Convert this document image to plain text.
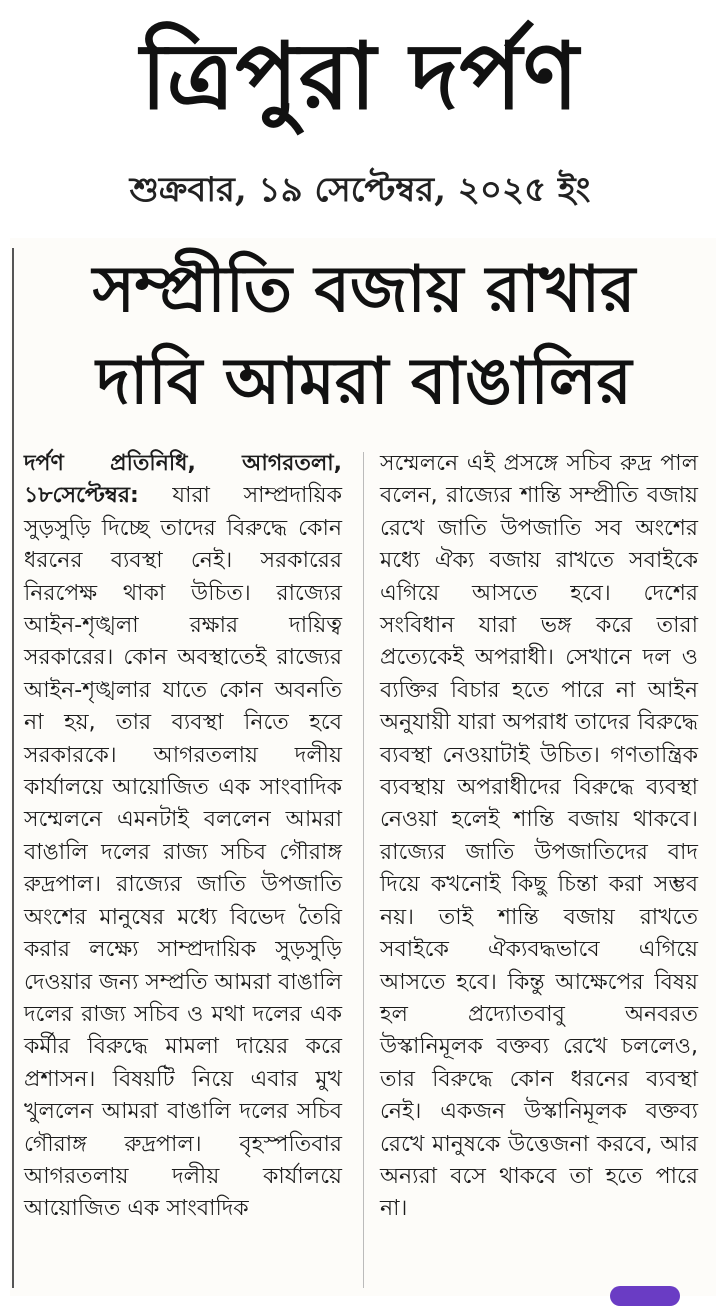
ত্রিপুরা দর্পণ
শুক্রবার, ১৯ সেপ্টেম্বর, ২০২৫ ইং
সম্প্রীতি বজায় রাখার
দাবি আমরা বাঙালির

দর্পণ প্রতিনিধি, আগরতলা, ১৮সেপ্টেম্বর: যারা সাম্প্রদায়িক সুড়সুড়ি দিচ্ছে তাদের বিরুদ্ধে কোন ধরনের ব্যবস্থা নেই। সরকারের নিরপেক্ষ থাকা উচিত। রাজ্যের আইন-শৃঙ্খলা রক্ষার দায়িত্ব সরকারের। কোন অবস্থাতেই রাজ্যের আইন-শৃঙ্খলার যাতে কোন অবনতি না হয়, তার ব্যবস্থা নিতে হবে সরকারকে। আগরতলায় দলীয় কার্যালয়ে আয়োজিত এক সাংবাদিক সম্মেলনে এমনটাই বললেন আমরা বাঙালি দলের রাজ্য সচিব গৌরাঙ্গ রুদ্রপাল। রাজ্যের জাতি উপজাতি অংশের মানুষের মধ্যে বিভেদ তৈরি করার লক্ষ্যে সাম্প্রদায়িক সুড়সুড়ি দেওয়ার জন্য সম্প্রতি আমরা বাঙালি দলের রাজ্য সচিব ও মথা দলের এক কর্মীর বিরুদ্ধে মামলা দায়ের করে প্রশাসন। বিষয়টি নিয়ে এবার মুখ খুললেন আমরা বাঙালি দলের সচিব গৌরাঙ্গ রুদ্রপাল। বৃহস্পতিবার আগরতলায় দলীয় কার্যালয়ে আয়োজিত এক সাংবাদিক

সম্মেলনে এই প্রসঙ্গে সচিব রুদ্র পাল বলেন, রাজ্যের শান্তি সম্প্রীতি বজায় রেখে জাতি উপজাতি সব অংশের মধ্যে ঐক্য বজায় রাখতে সবাইকে এগিয়ে আসতে হবে। দেশের সংবিধান যারা ভঙ্গ করে তারা প্রত্যেকেই অপরাধী। সেখানে দল ও ব্যক্তির বিচার হতে পারে না আইন অনুযায়ী যারা অপরাধ তাদের বিরুদ্ধে ব্যবস্থা নেওয়াটাই উচিত। গণতান্ত্রিক ব্যবস্থায় অপরাধীদের বিরুদ্ধে ব্যবস্থা নেওয়া হলেই শান্তি বজায় থাকবে। রাজ্যের জাতি উপজাতিদের বাদ দিয়ে কখনোই কিছু চিন্তা করা সম্ভব নয়। তাই শান্তি বজায় রাখতে সবাইকে ঐক্যবদ্ধভাবে এগিয়ে আসতে হবে। কিন্তু আক্ষেপের বিষয় হল প্রদ্যোতবাবু অনবরত উস্কানিমূলক বক্তব্য রেখে চললেও, তার বিরুদ্ধে কোন ধরনের ব্যবস্থা নেই। একজন উস্কানিমূলক বক্তব্য রেখে মানুষকে উত্তেজনা করবে, আর অন্যরা বসে থাকবে তা হতে পারে না।
